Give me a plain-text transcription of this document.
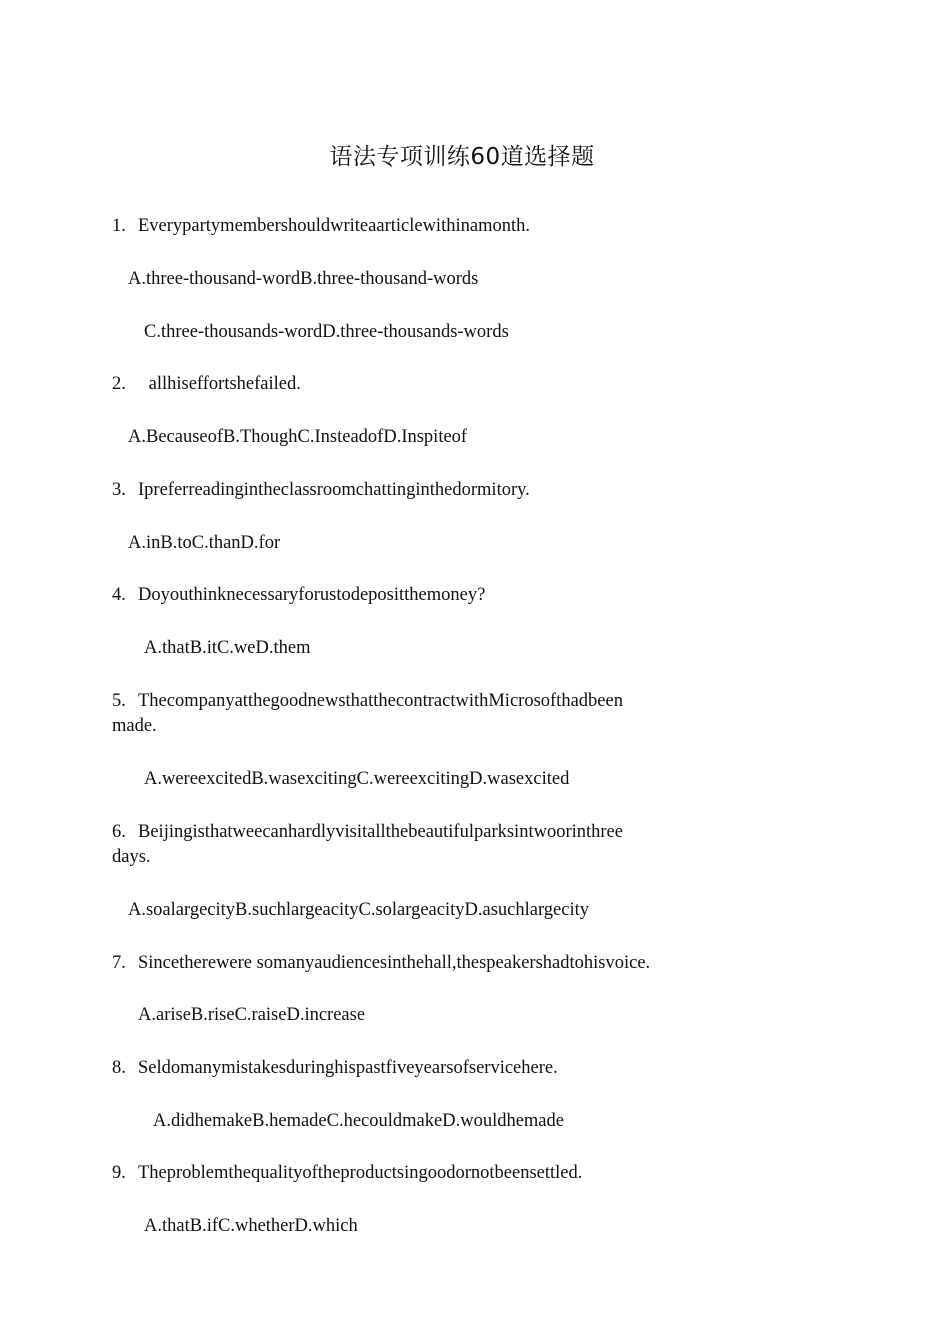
语法专项训练60道选择题
1. Everypartymembershouldwriteaarticlewithinamonth.
A.three-thousand-wordB.three-thousand-words
C.three-thousands-wordD.three-thousands-words
2. allhiseffortshefailed.
A.BecauseofB.ThoughC.InsteadofD.Inspiteof
3. Ipreferreadingintheclassroomchattinginthedormitory.
A.inB.toC.thanD.for
4. Doyouthinknecessaryforustodepositthemoney?
A.thatB.itC.weD.them
5. ThecompanyatthegoodnewsthatthecontractwithMicrosofthadbeen
made.
A.wereexcitedB.wasexcitingC.wereexcitingD.wasexcited
6. Beijingisthatweecanhardlyvisitallthebeautifulparksintwoorinthree
days.
A.soalargecityB.suchlargeacityC.solargeacityD.asuchlargecity
7. Sincetherewere somanyaudiencesinthehall,thespeakershadtohisvoice.
A.ariseB.riseC.raiseD.increase
8. Seldomanymistakesduringhispastfiveyearsofservicehere.
A.didhemakeB.hemadeC.hecouldmakeD.wouldhemade
9. Theproblemthequalityoftheproductsingoodornotbeensettled.
A.thatB.ifC.whetherD.which
